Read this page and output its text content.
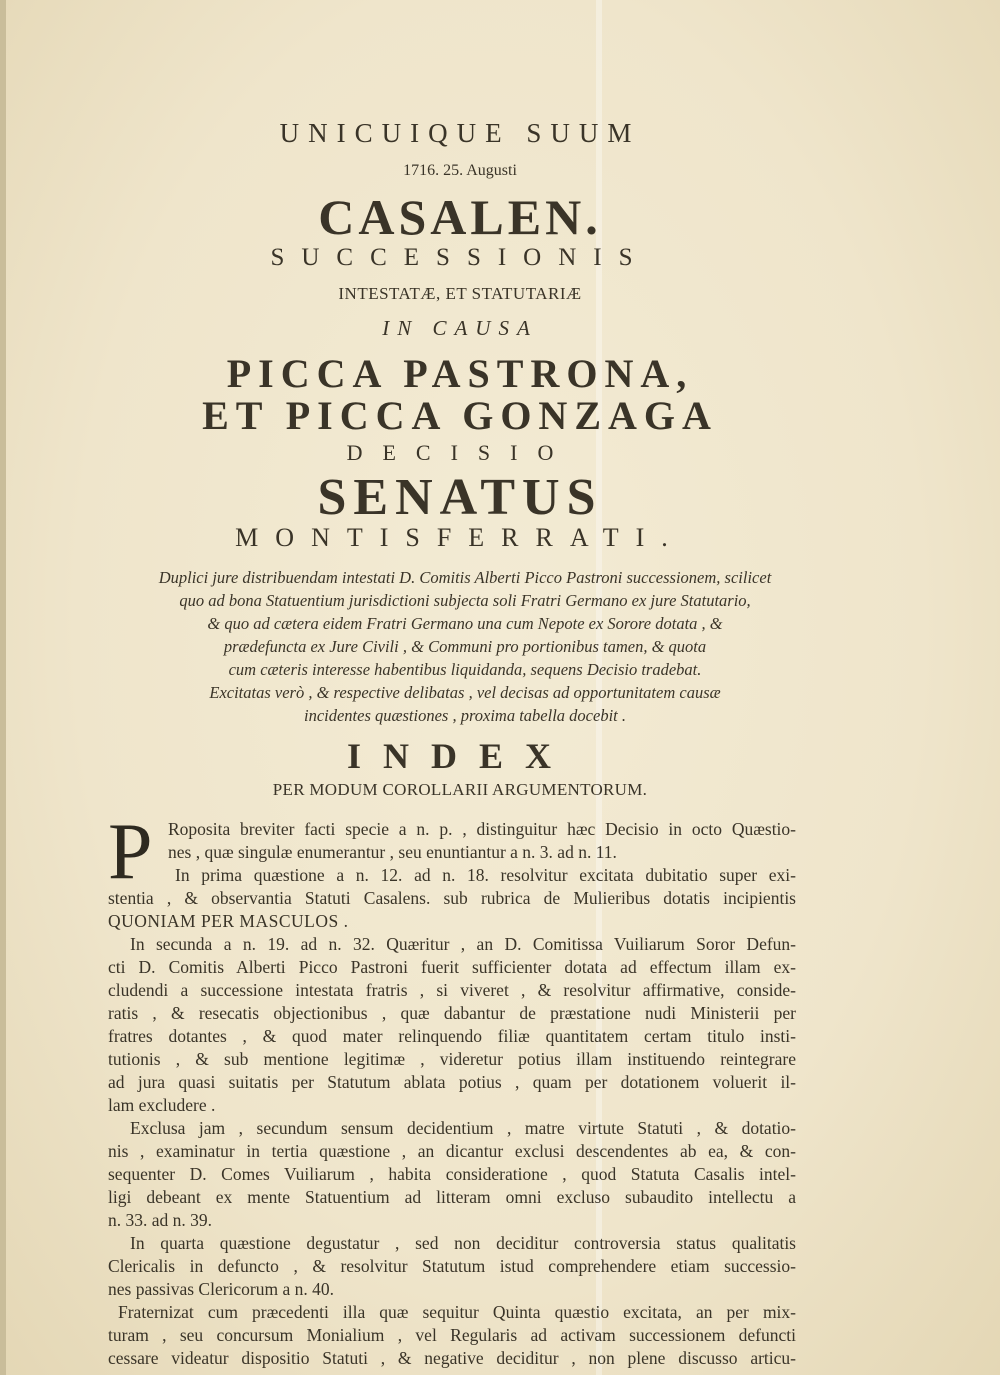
UNICUIQUE SUUM
1716. 25. Augusti
CASALEN.
SUCCESSIONIS
INTESTATÆ, ET STATUTARIÆ
IN CAUSA
PICCA PASTRONA,
ET PICCA GONZAGA
DECISIO
SENATUS
MONTISFERRATI.
Duplici jure distribuendam intestati D. Comitis Alberti Picco Pastroni successionem, scilicet
quo ad bona Statuentium jurisdictioni subjecta soli Fratri Germano ex jure Statutario,
& quo ad cætera eidem Fratri Germano una cum Nepote ex Sorore dotata , &
prædefuncta ex Jure Civili , & Communi pro portionibus tamen, & quota
cum cæteris interesse habentibus liquidanda, sequens Decisio tradebat.
Excitatas verò , & respective delibatas , vel decisas ad opportunitatem causæ
incidentes quæstiones , proxima tabella docebit .
INDEX
PER MODUM COROLLARII ARGUMENTORUM.
P Roposita breviter facti specie a n. p. , distinguitur hæc Decisio in octo Quæstio-
nes , quæ singulæ enumerantur , seu enuntiantur a n. 3. ad n. 11.
In prima quæstione a n. 12. ad n. 18. resolvitur excitata dubitatio super exi-
stentia , & observantia Statuti Casalens. sub rubrica de Mulieribus dotatis incipientis
QUONIAM PER MASCULOS .
In secunda a n. 19. ad n. 32. Quæritur , an D. Comitissa Vuiliarum Soror Defun-
cti D. Comitis Alberti Picco Pastroni fuerit sufficienter dotata ad effectum illam ex-
cludendi a successione intestata fratris , si viveret , & resolvitur affirmative, conside-
ratis , & resecatis objectionibus , quæ dabantur de præstatione nudi Ministerii per
fratres dotantes , & quod mater relinquendo filiæ quantitatem certam titulo insti-
tutionis , & sub mentione legitimæ , videretur potius illam instituendo reintegrare
ad jura quasi suitatis per Statutum ablata potius , quam per dotationem voluerit il-
lam excludere .
Exclusa jam , secundum sensum decidentium , matre virtute Statuti , & dotatio-
nis , examinatur in tertia quæstione , an dicantur exclusi descendentes ab ea, & con-
sequenter D. Comes Vuiliarum , habita consideratione , quod Statuta Casalis intel-
ligi debeant ex mente Statuentium ad litteram omni excluso subaudito intellectu a
n. 33. ad n. 39.
In quarta quæstione degustatur , sed non deciditur controversia status qualitatis
Clericalis in defuncto , & resolvitur Statutum istud comprehendere etiam successio-
nes passivas Clericorum a n. 40.
Fraternizat cum præcedenti illa quæ sequitur Quinta quæstio excitata, an per mix-
turam , seu concursum Monialium , vel Regularis ad activam successionem defuncti
cessare videatur dispositio Statuti , & negative deciditur , non plene discusso articu-
